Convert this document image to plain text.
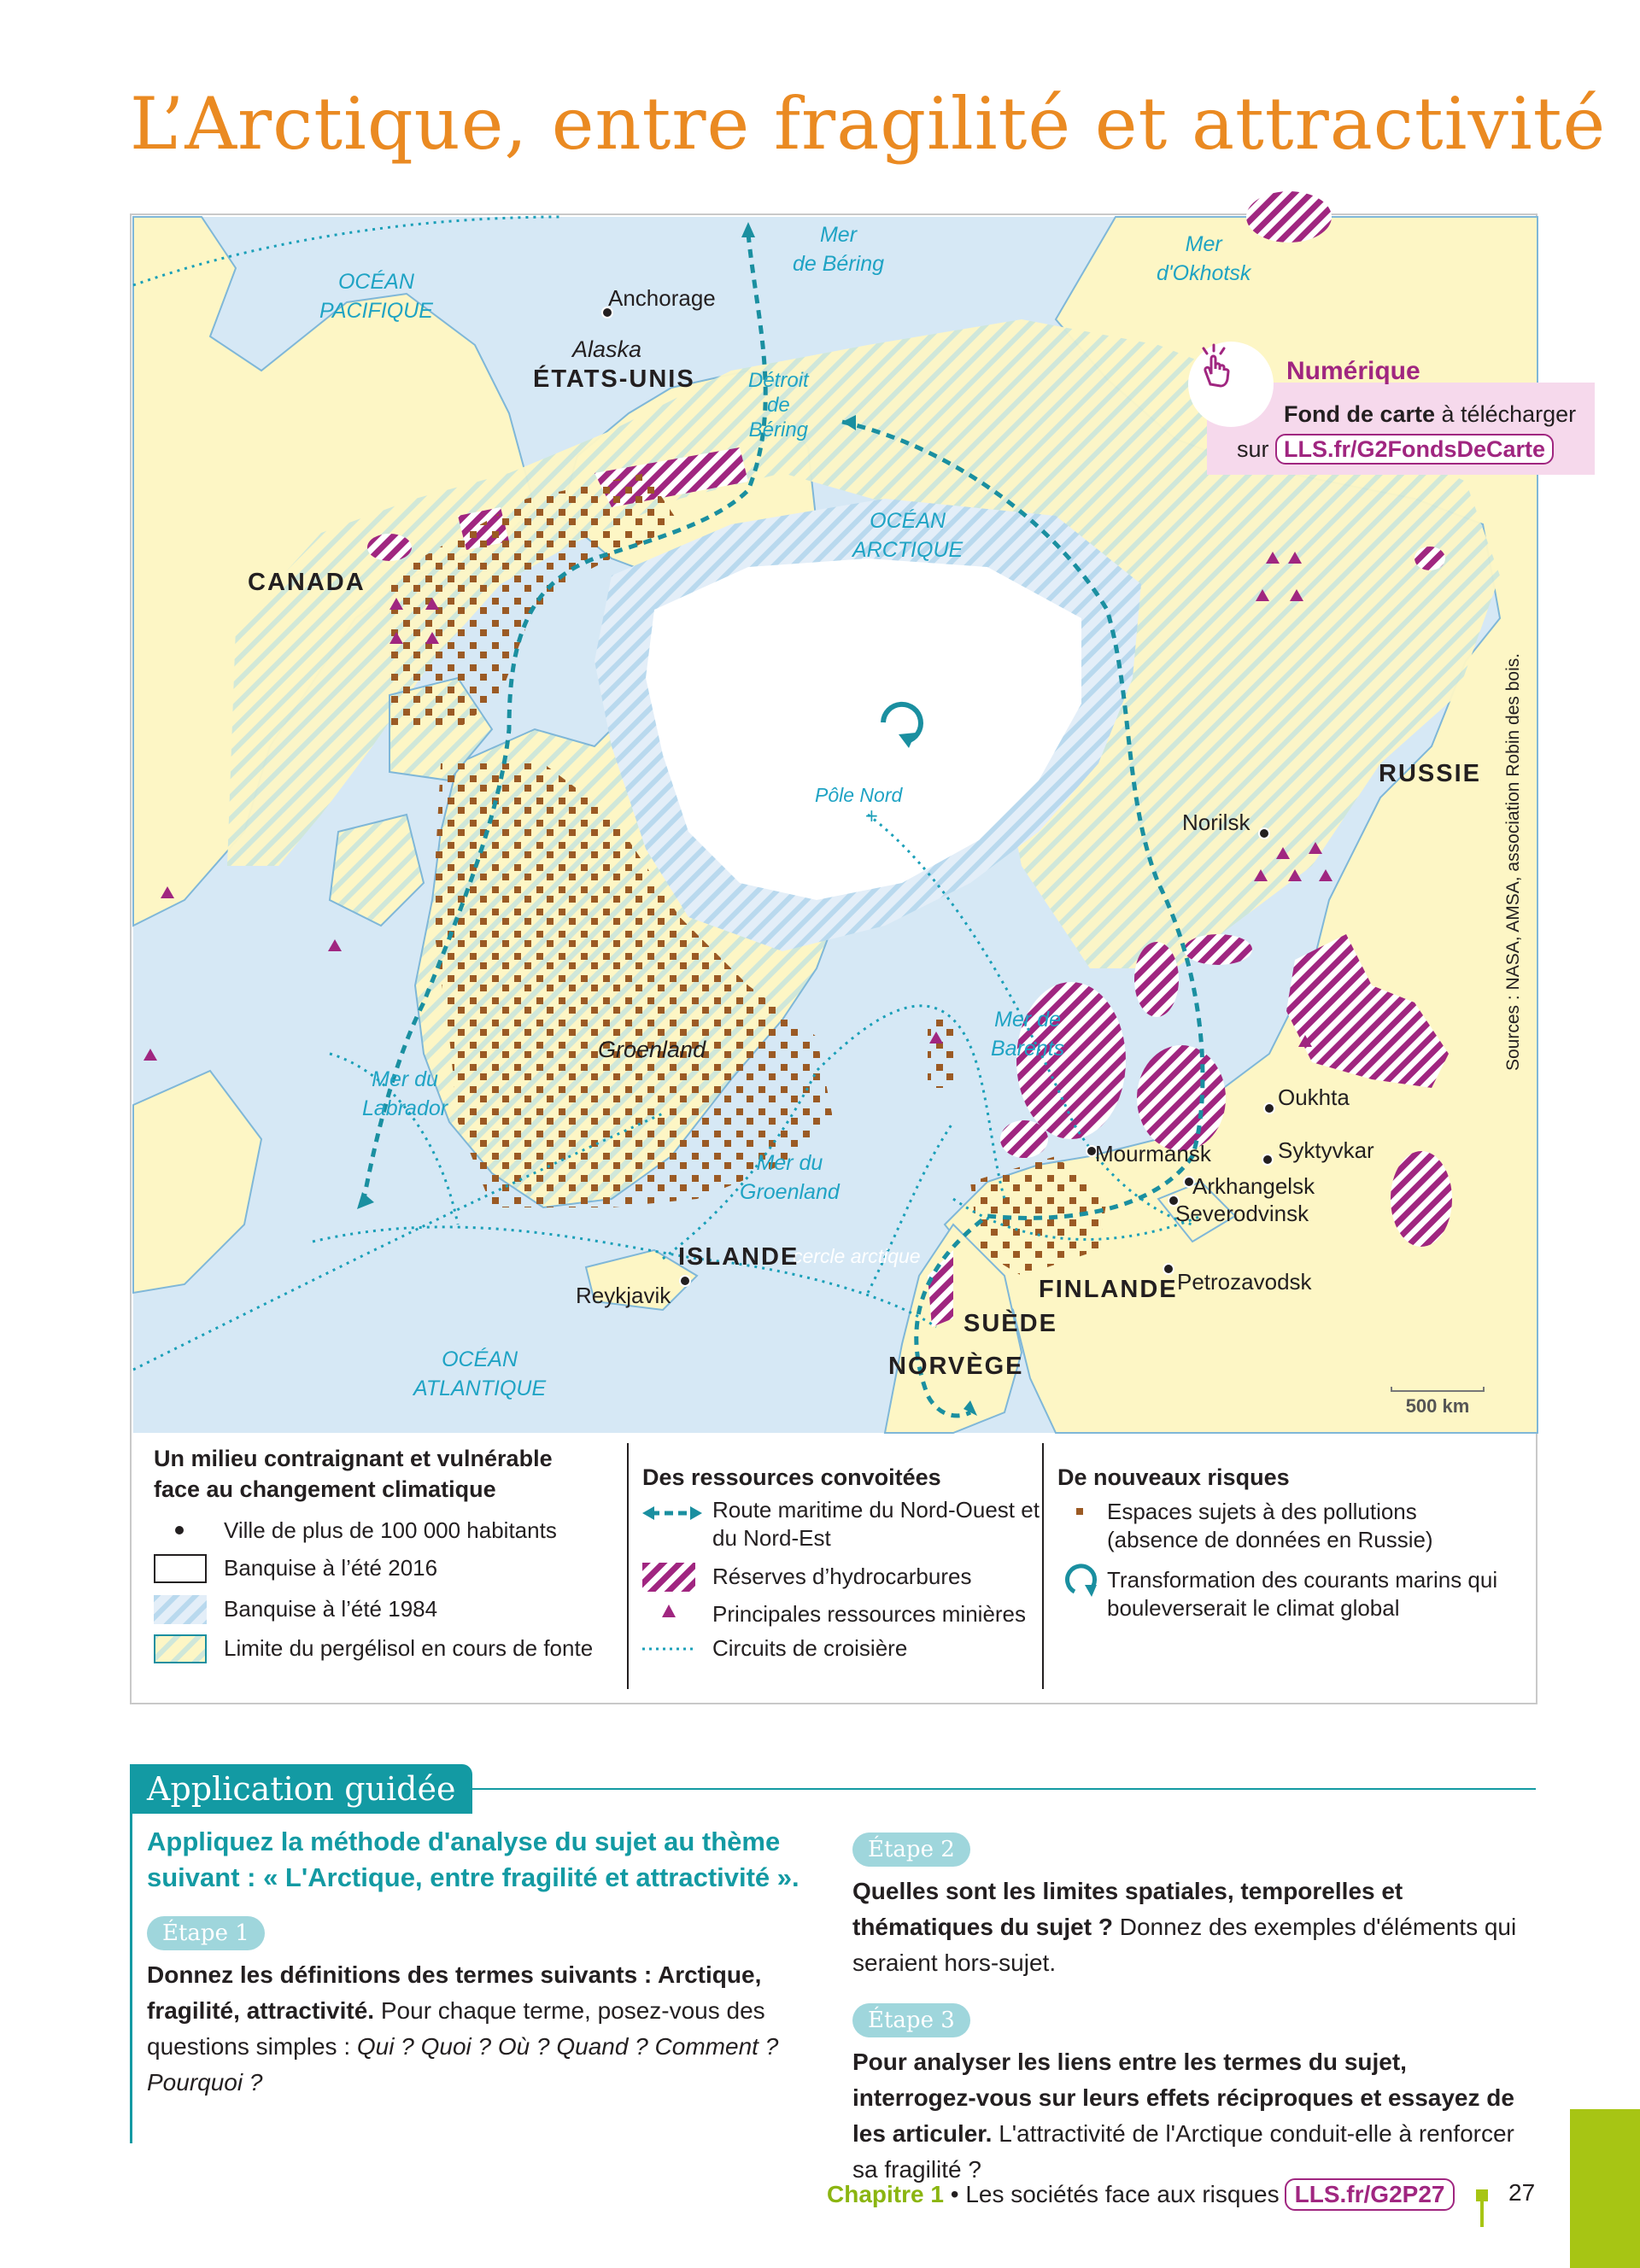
L’Arctique, entre fragilité et attractivité
+
OCÉAN
PACIFIQUE
Mer
de Béring
Mer
d'Okhotsk
Détroit
de
Béring
OCÉAN
ARCTIQUE
Pôle Nord
Mer de
Barents
Mer du
Labrador
Mer du
Groenland
cercle arctique
OCÉAN
ATLANTIQUE
ÉTATS-UNIS
CANADA
RUSSIE
ISLANDE
FINLANDE
SUÈDE
NORVÈGE
Alaska
Groenland
Anchorage
Norilsk
Oukhta
Mourmansk	Syktyvkar
Arkhangelsk
Severodvinsk
Petrozavodsk
Reykjavik
Numérique
Fond de carte à télécharger
sur LLS.fr/G2FondsDeCarte
Sources : NASA, AMSA, association Robin des bois.
500 km
Un milieu contraignant et vulnérable face au changement climatique
Ville de plus de 100 000 habitants
Banquise à l’été 2016
Banquise à l’été 1984
Limite du pergélisol en cours de fonte
Des ressources convoitées
Route maritime du Nord-Ouest et du Nord-Est
Réserves d’hydrocarbures
Principales ressources minières
Circuits de croisière
De nouveaux risques
Espaces sujets à des pollutions (absence de données en Russie)
Transformation des courants marins qui bouleverserait le climat global
Application guidée
Appliquez la méthode d'analyse du sujet au thème suivant : « L'Arctique, entre fragilité et attractivité ».
Étape 1
Donnez les définitions des termes suivants : Arctique, fragilité, attractivité. Pour chaque terme, posez-vous des questions simples : Qui ? Quoi ? Où ? Quand ? Comment ? Pourquoi ?
Étape 2
Quelles sont les limites spatiales, temporelles et thématiques du sujet ? Donnez des exemples d'éléments qui seraient hors-sujet.
Étape 3
Pour analyser les liens entre les termes du sujet, interrogez-vous sur leurs effets réciproques et essayez de les articuler. L'attractivité de l'Arctique conduit-elle à renforcer sa fragilité ?
Chapitre 1 • Les sociétés face aux risques LLS.fr/G2P27	27
